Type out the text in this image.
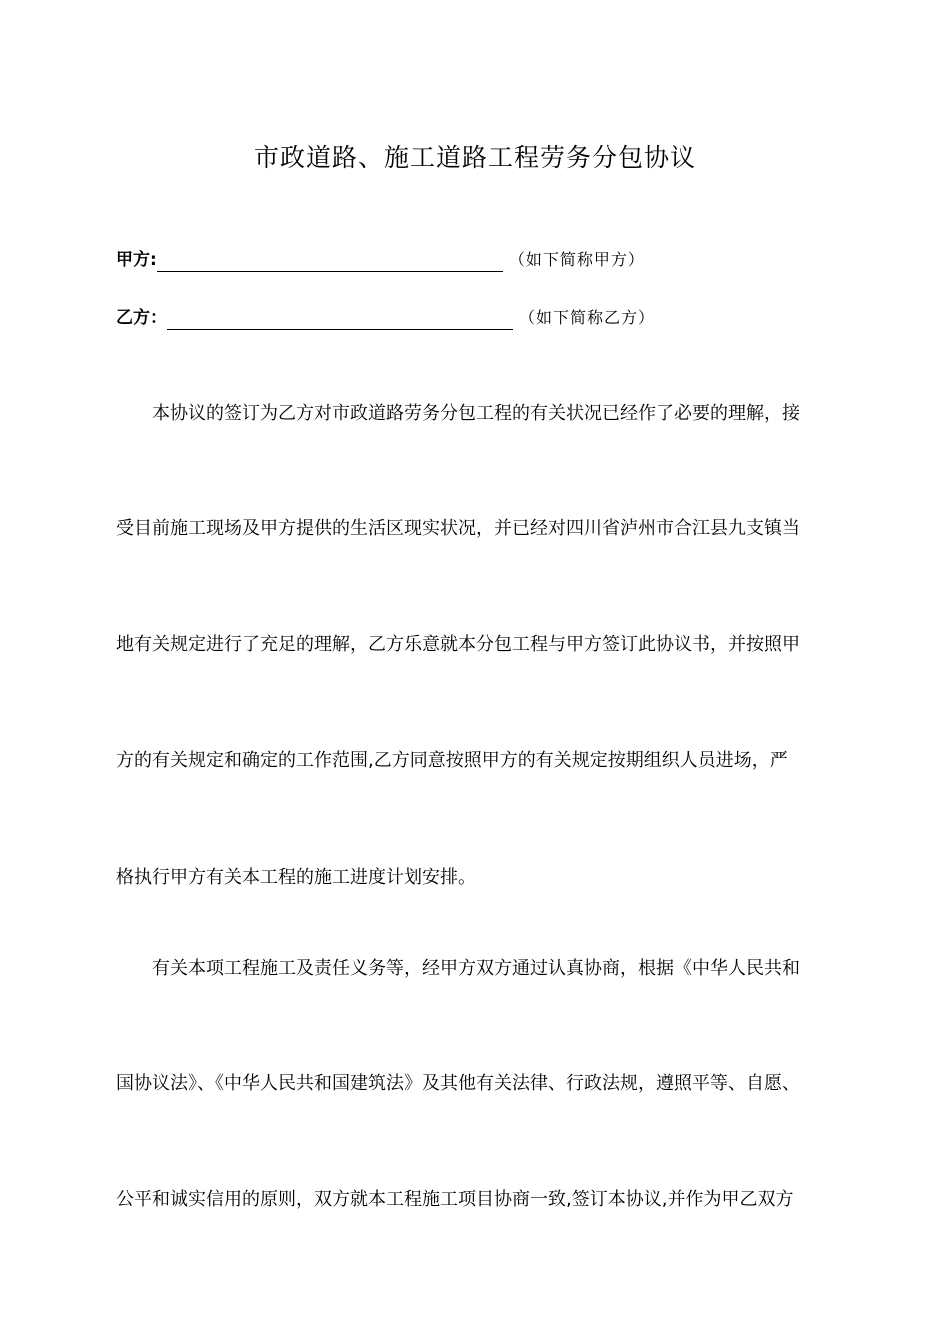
市政道路、施工道路工程劳务分包协议
甲方:	（如下简称甲方）
乙方：	（如下简称乙方）
本协议的签订为乙方对市政道路劳务分包工程的有关状况已经作了必要的理解，接
受目前施工现场及甲方提供的生活区现实状况，并已经对四川省泸州市合江县九支镇当
地有关规定进行了充足的理解，乙方乐意就本分包工程与甲方签订此协议书，并按照甲
方的有关规定和确定的工作范围,乙方同意按照甲方的有关规定按期组织人员进场，严
格执行甲方有关本工程的施工进度计划安排。
有关本项工程施工及责任义务等，经甲方双方通过认真协商，根据《中华人民共和
国协议法》、《中华人民共和国建筑法》及其他有关法律、行政法规，遵照平等、自愿、
公平和诚实信用的原则，双方就本工程施工项目协商一致,签订本协议,并作为甲乙双方
